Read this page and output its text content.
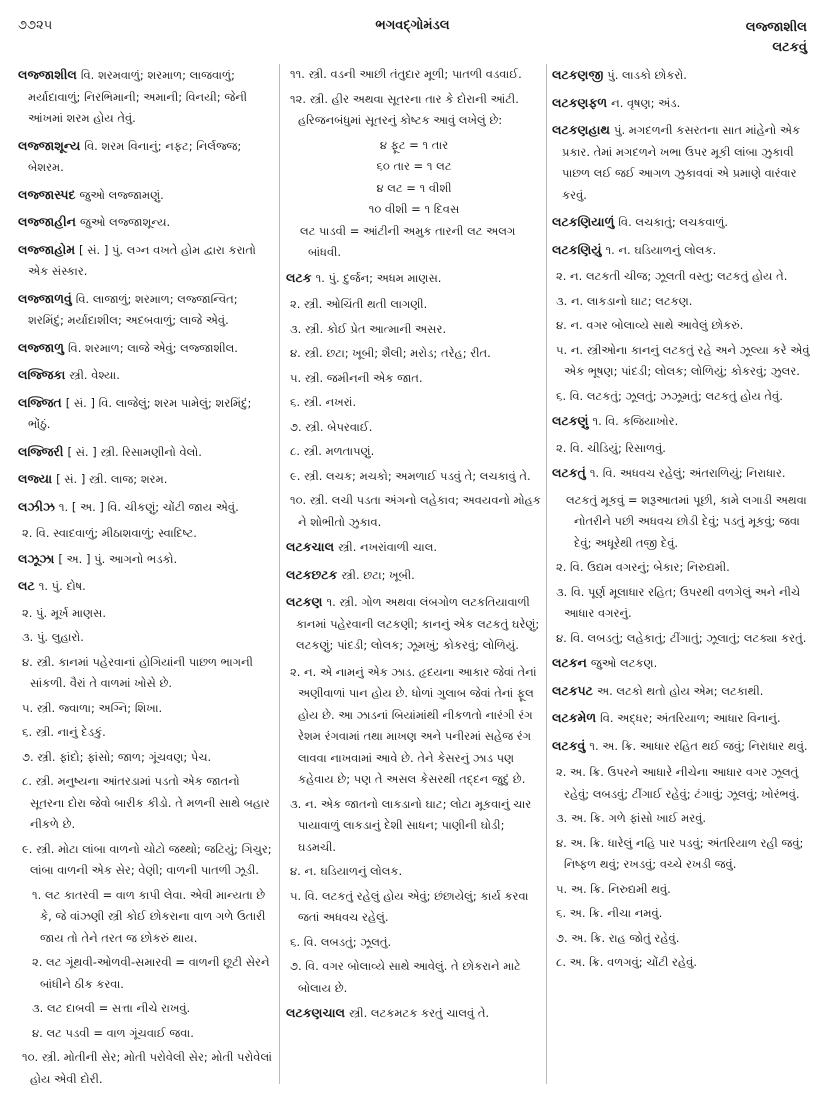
૭૭૨૫	ભગવદ્ગોમંડલ	લજ્જાશીલ
લટકવું
લજ્જાશીલ વિ. શરમવાળું; શરમાળ; લાજવાળું; મર્યાદાવાળું; નિરભિમાની; અમાની; વિનયી; જેની આંખમાં શરમ હોય તેવું.
લજ્જાશૂન્ય વિ. શરમ વિનાનું; નફટ; નિર્લજ્જ; બેશરમ.
લજ્જાસ્પદ જુઓ લજ્જામણું.
લજ્જાહીન જુઓ લજ્જાશૂન્ય.
લજ્જાહોમ [ સં. ] પું. લગ્ન વખતે હોમ દ્વારા કરાતો એક સંસ્કાર.
લજ્જાળવું વિ. લાજાળું; શરમાળ; લજ્જાન્વિત; શરમિંદું; મર્યાદાશીલ; અદબવાળું; લાજે એવું.
લજ્જાળુ વિ. શરમાળ; લાજે એવું; લજ્જાશીલ.
લજ્જિકા સ્ત્રી. વેશ્યા.
લજ્જિત [ સં. ] વિ. લાજેલું; શરમ પામેલું; શરમિંદું; ભોંઠું.
લજ્જિરી [ સં. ] સ્ત્રી. રિસામણીનો વેલો.
લજ્યા [ સં. ] સ્ત્રી. લાજ; શરમ.
લઝીઝ ૧. [ અ. ] વિ. ચીકણું; ચોંટી જાય એવું.
૨. વિ. સ્વાદવાળું; મીઠાશવાળું; સ્વાદિષ્ટ.
લઝૂઝા [ અ. ] પું. આગનો ભડકો.
લટ ૧. પું. દોષ.
૨. પું. મૂર્ખ માણસ.
૩. પું. લુહારો.
૪. સ્ત્રી. કાનમાં પહેરવાનાં હોગિયાંની પાછળ ભાગની સાંકળી. વૈરાં તે વાળમાં ખોસે છે.
૫. સ્ત્રી. જ્વાળા; અગ્નિ; શિખા.
૬. સ્ત્રી. નાનું દેડકું.
૭. સ્ત્રી. ફાંદો; ફાંસો; જાળ; ગૂંચવણ; પેચ.
૮. સ્ત્રી. મનુષ્યના આંતરડામાં પડતો એક જાતનો સૂતરના દોરા જેવો બારીક કીડો. તે મળની સાથે બહાર નીકળે છે.
૯. સ્ત્રી. મોટા લાંબા વાળનો ચોટો જથ્થો; જટિયું; ગિચુર; લાંબા વાળની એક સેર; વેણી; વાળની પાતળી ઝૂડી.
૧. લટ કાતરવી = વાળ કાપી લેવા. એવી માન્યતા છે કે, જે વાંઝણી સ્ત્રી કોઈ છોકરાના વાળ ગળે ઉતારી જાય તો તેને તરત જ છોકરું થાય.
૨. લટ ગૂંથવી-ઓળવી-સમારવી = વાળની છૂટી સેરને બાંધીને ઠીક કરવા.
૩. લટ દાબવી = સત્તા નીચે રાખવું.
૪. લટ પડવી = વાળ ગૂંચવાઈ જવા.
૧૦. સ્ત્રી. મોતીની સેર; મોતી પરોવેલી સેર; મોતી પરોવેલાં હોય એવી દોરી.
૧૧. સ્ત્રી. વડની આછી તંતુદાર મૂળી; પાતળી વડવાઈ.
૧૨. સ્ત્રી. હીર અથવા સૂતરના તાર કે દોરાની આંટી. હરિજનબંધુમાં સૂતરનું કોષ્ટક આવું લખેલું છે:
૪ ફૂટ = ૧ તાર
૬૦ તાર = ૧ લટ
૪ લટ = ૧ વીશી
૧૦ વીશી = ૧ દિવસ
લટ પાડવી = આંટીની અમુક તારની લટ અલગ બાંધવી.
લટક ૧. પું. દુર્જન; અધમ માણસ.
૨. સ્ત્રી. ઓચિંતી થતી લાગણી.
૩. સ્ત્રી. કોઈ પ્રેત આત્માની અસર.
૪. સ્ત્રી. છટા; ખૂબી; શૈલી; મરોડ; તરેહ; રીત.
૫. સ્ત્રી. જમીનની એક જાત.
૬. સ્ત્રી. નખરાં.
૭. સ્ત્રી. બેપરવાઈ.
૮. સ્ત્રી. મળતાપણું.
૯. સ્ત્રી. લચક; મચકો; અમળાઈ પડવું તે; લચકાવું તે.
૧૦. સ્ત્રી. લચી પડતા અંગનો લહેકાવ; અવયવનો મોહક ને શોભીતો ઝુકાવ.
લટકચાલ સ્ત્રી. નખરાંવાળી ચાલ.
લટકછટક સ્ત્રી. છટા; ખૂબી.
લટકણ ૧. સ્ત્રી. ગોળ અથવા લંબગોળ લટકતિયાવાળી કાનમાં પહેરવાની લટકણી; કાનનું એક લટકતું ઘરેણું; લટકણું; પાંદડી; લોલક; ઝૂમખું; કોકરવું; લોળિયું.
૨. ન. એ નામનું એક ઝાડ. હૃદયના આકાર જેવાં તેનાં અણીવાળાં પાન હોય છે. ધોળાં ગુલાબ જેવાં તેનાં ફૂલ હોય છે. આ ઝાડનાં બિયાંમાંથી નીકળતો નારંગી રંગ રેશમ રંગવામાં તથા માખણ અને પનીરમાં સહેજ રંગ લાવવા નાખવામાં આવે છે. તેને કેસરનું ઝાડ પણ કહેવાય છે; પણ તે અસલ કેસરથી તદ્દન જુદું છે.
૩. ન. એક જાતનો લાકડાનો ઘાટ; લોટા મૂકવાનું ચાર પાયાવાળું લાકડાનું દેશી સાધન; પાણીની ઘોડી; ઘડમચી.
૪. ન. ઘડિયાળનું લોલક.
૫. વિ. લટકતું રહેલું હોય એવું; છંછાયેલું; કાર્ય કરવા જતાં અધવચ રહેલું.
૬. વિ. લબડતું; ઝૂલતું.
૭. વિ. વગર બોલાવ્યે સાથે આવેલું. તે છોકરાને માટે બોલાય છે.
લટકણચાલ સ્ત્રી. લટકમટક કરતું ચાલવું તે.
લટકણજી પું. લાડકો છોકરો.
લટકણફળ ન. વૃષણ; અંડ.
લટકણહાથ પું. મગદળની કસરતના સાત માંહેનો એક પ્રકાર. તેમાં મગદળને ખભા ઉપર મૂકી લાંબા ઝુકાવી પાછળ લઈ જઈ આગળ ઝુકાવવાં એ પ્રમાણે વારંવાર કરવું.
લટકણિયાળું વિ. લચકાતું; લચકવાળું.
લટકણિયું ૧. ન. ઘડિયાળનું લોલક.
૨. ન. લટકતી ચીજ; ઝૂલતી વસ્તુ; લટકતું હોય તે.
૩. ન. લાકડાનો ઘાટ; લટકણ.
૪. ન. વગર બોલાવ્યે સાથે આવેલું છોકરું.
૫. ન. સ્ત્રીઓના કાનનું લટકતું રહે અને ઝૂલ્યા કરે એવું એક ભૂષણ; પાંદડી; લોલક; લોળિયું; કોકરવું; ઝુલર.
૬. વિ. લટકતું; ઝૂલતું; ઝઝૂમતું; લટકતું હોય તેવું.
લટકણું ૧. વિ. કજિયાખોર.
૨. વિ. ચીડિયું; રિસાળવું.
લટકતું ૧. વિ. અધવચ રહેલું; અંતરાળિયું; નિરાધાર.
લટકતું મૂકવું = શરૂઆતમાં પૂછી, કામે લગાડી અથવા નોતરીને પછી અધવચ છોડી દેવું; પડતું મૂકવું; જવા દેવું; અધૂરેથી તજી દેવું.
૨. વિ. ઉદ્યમ વગરનું; બેકાર; નિરુદ્યમી.
૩. વિ. પૂર્ણ મૂલાધાર રહિત; ઉપરથી વળગેલું અને નીચે આધાર વગરનું.
૪. વિ. લબડતું; લહેકાતું; ટીંગાતું; ઝૂલાતું; લટક્યા કરતું.
લટકન જુઓ લટકણ.
લટકપટ અ. લટકો થતો હોય એમ; લટકાથી.
લટકમેળ વિ. અદ્ધર; અંતરિયાળ; આધાર વિનાનું.
લટકવું ૧. અ. ક્રિ. આધાર રહિત થઈ જવું; નિરાધાર થવું.
૨. અ. ક્રિ. ઉપરને આધારે નીચેના આધાર વગર ઝૂલતું રહેવું; લબડવું; ટીંગાઈ રહેવું; ટંગાવું; ઝૂલવું; ખોરંભવું.
૩. અ. ક્રિ. ગળે ફાંસો ખાઈ મરવું.
૪. અ. ક્રિ. ધારેલું નહિ પાર પડવું; અંતરિયાળ રહી જવું; નિષ્ફળ થવું; રખડવું; વચ્ચે રખડી જવું.
૫. અ. ક્રિ. નિરુદ્યમી થવું.
૬. અ. ક્રિ. નીચા નમવું.
૭. અ. ક્રિ. રાહ જોતું રહેવું.
૮. અ. ક્રિ. વળગવું; ચોંટી રહેવું.
